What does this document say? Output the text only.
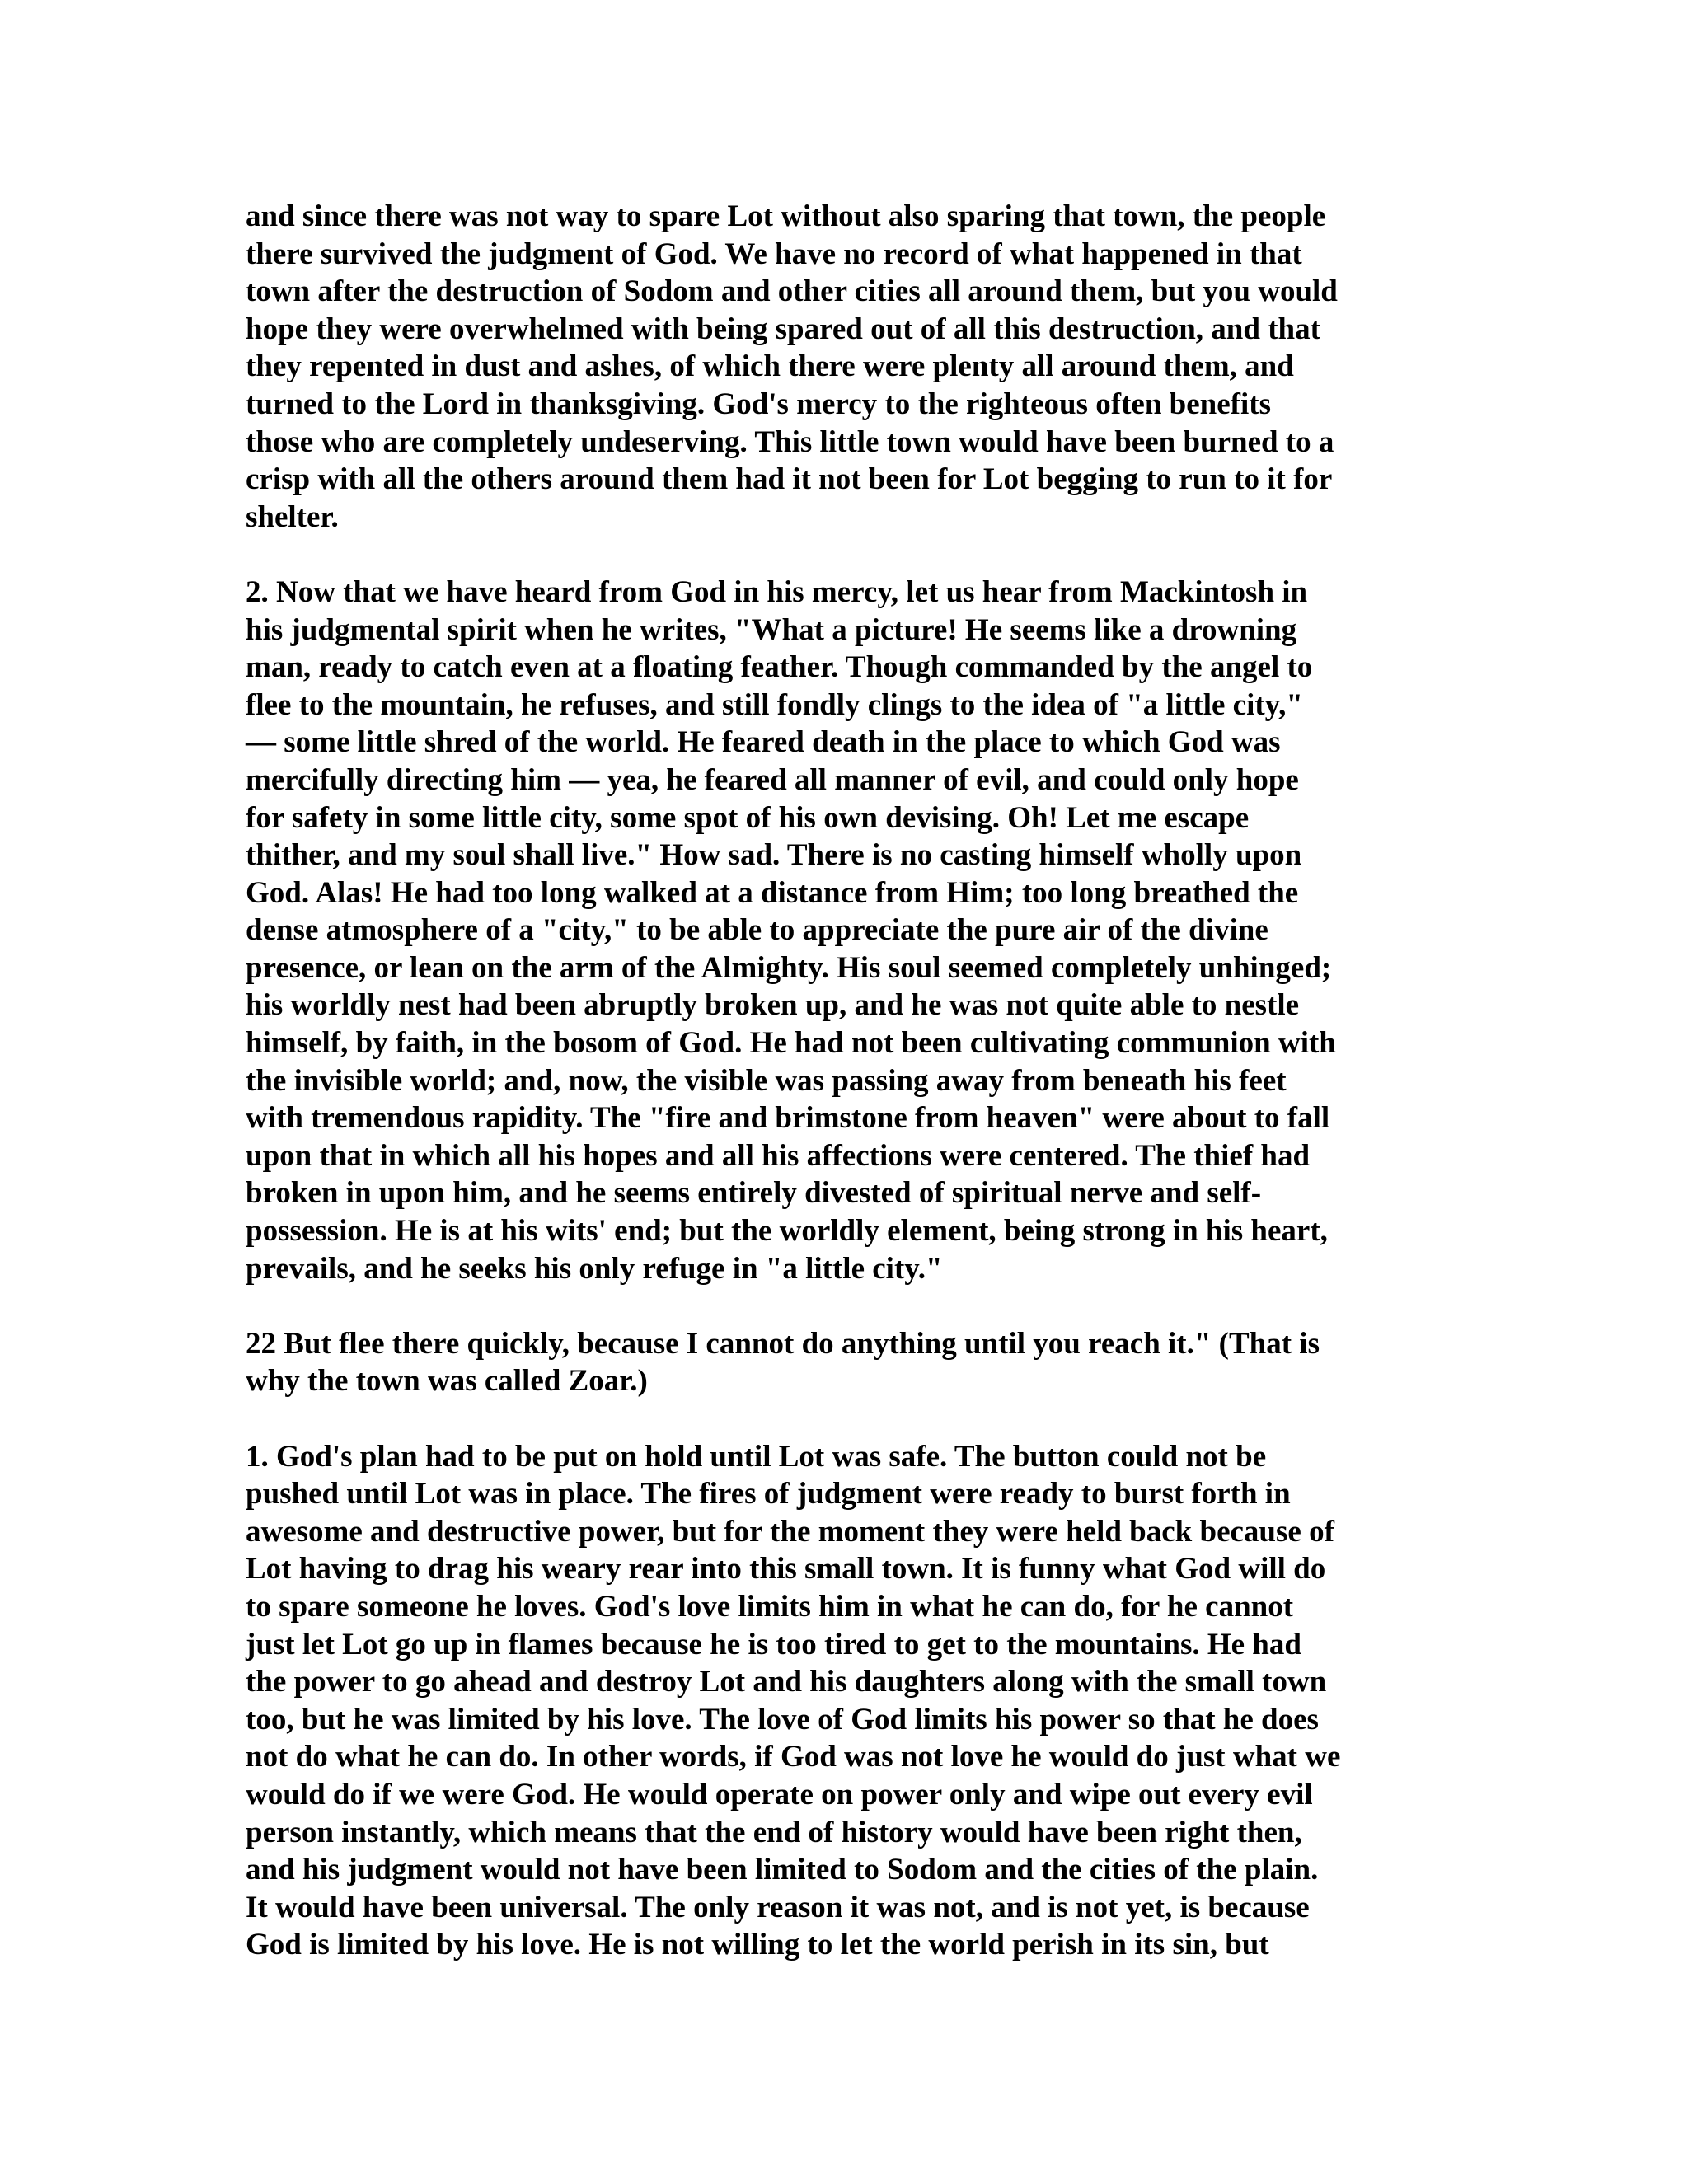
and since there was not way to spare Lot without also sparing that town, the people
there survived the judgment of God. We have no record of what happened in that
town after the destruction of Sodom and other cities all around them, but you would
hope they were overwhelmed with being spared out of all this destruction, and that
they repented in dust and ashes, of which there were plenty all around them, and
turned to the Lord in thanksgiving. God's mercy to the righteous often benefits
those who are completely undeserving. This little town would have been burned to a
crisp with all the others around them had it not been for Lot begging to run to it for
shelter.
2. Now that we have heard from God in his mercy, let us hear from Mackintosh in
his judgmental spirit when he writes, "What a picture! He seems like a drowning
man, ready to catch even at a floating feather. Though commanded by the angel to
flee to the mountain, he refuses, and still fondly clings to the idea of "a little city,"
— some little shred of the world. He feared death in the place to which God was
mercifully directing him — yea, he feared all manner of evil, and could only hope
for safety in some little city, some spot of his own devising. Oh! Let me escape
thither, and my soul shall live." How sad. There is no casting himself wholly upon
God. Alas! He had too long walked at a distance from Him; too long breathed the
dense atmosphere of a "city," to be able to appreciate the pure air of the divine
presence, or lean on the arm of the Almighty. His soul seemed completely unhinged;
his worldly nest had been abruptly broken up, and he was not quite able to nestle
himself, by faith, in the bosom of God. He had not been cultivating communion with
the invisible world; and, now, the visible was passing away from beneath his feet
with tremendous rapidity. The "fire and brimstone from heaven" were about to fall
upon that in which all his hopes and all his affections were centered. The thief had
broken in upon him, and he seems entirely divested of spiritual nerve and self-
possession. He is at his wits' end; but the worldly element, being strong in his heart,
prevails, and he seeks his only refuge in "a little city."
22 But flee there quickly, because I cannot do anything until you reach it." (That is
why the town was called Zoar.)
1. God's plan had to be put on hold until Lot was safe. The button could not be
pushed until Lot was in place. The fires of judgment were ready to burst forth in
awesome and destructive power, but for the moment they were held back because of
Lot having to drag his weary rear into this small town. It is funny what God will do
to spare someone he loves. God's love limits him in what he can do, for he cannot
just let Lot go up in flames because he is too tired to get to the mountains. He had
the power to go ahead and destroy Lot and his daughters along with the small town
too, but he was limited by his love. The love of God limits his power so that he does
not do what he can do. In other words, if God was not love he would do just what we
would do if we were God. He would operate on power only and wipe out every evil
person instantly, which means that the end of history would have been right then,
and his judgment would not have been limited to Sodom and the cities of the plain.
It would have been universal. The only reason it was not, and is not yet, is because
God is limited by his love. He is not willing to let the world perish in its sin, but
